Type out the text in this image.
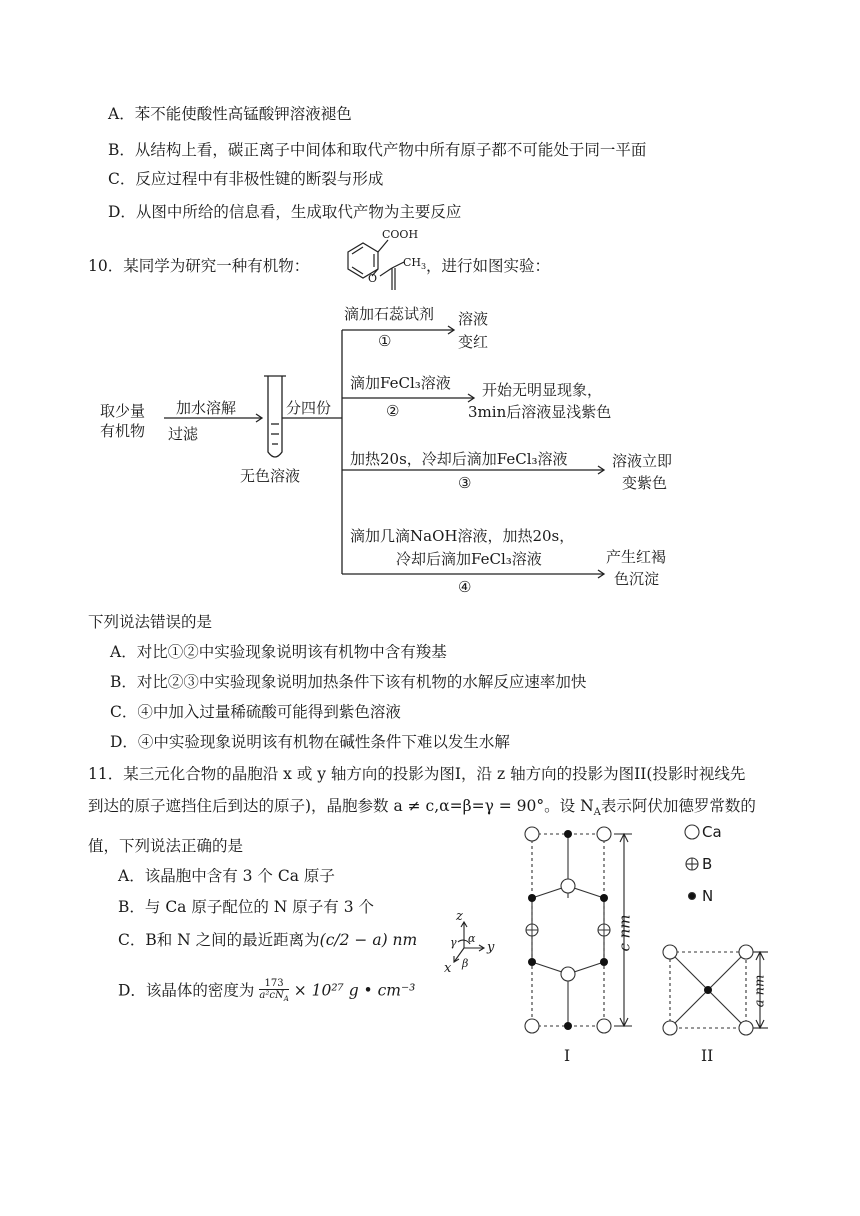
A．苯不能使酸性高锰酸钾溶液褪色
B．从结构上看，碳正离子中间体和取代产物中所有原子都不可能处于同一平面
C．反应过程中有非极性键的断裂与形成
D．从图中所给的信息看，生成取代产物为主要反应
10．某同学为研究一种有机物：	，进行如图实验：
COOH
$CH_3$
O
取少量
有机物
加水溶解
过滤
无色溶液
分四份
滴加石蕊试剂
①
溶液
变红
滴加FeCl₃溶液
②
开始无明显现象，
3min后溶液显浅紫色
加热20s，冷却后滴加FeCl₃溶液
③
溶液立即
变紫色
滴加几滴NaOH溶液，加热20s，
冷却后滴加FeCl₃溶液
④
产生红褐
色沉淀
下列说法错误的是
A．对比①②中实验现象说明该有机物中含有羧基
B．对比②③中实验现象说明加热条件下该有机物的水解反应速率加快
C．④中加入过量稀硫酸可能得到紫色溶液
D．④中实验现象说明该有机物在碱性条件下难以发生水解
11．某三元化合物的晶胞沿 x 或 y 轴方向的投影为图I，沿 z 轴方向的投影为图II(投影时视线先
到达的原子遮挡住后到达的原子)，晶胞参数 a ≠ c,α=β=γ = 90°。设 $N_A$表示阿伏加德罗常数的
值，下列说法正确的是
A．该晶胞中含有 3 个 Ca 原子
B．与 Ca 原子配位的 N 原子有 3 个
C．B和 N 之间的最近距离为(c/2 − a) nm
D．该晶体的密度为	173
$a^2cN_A \times 10^{27}$ g • cm⁻³
z
y
x
α
β
γ
Ca
B
N
c nm
a nm
I	II
